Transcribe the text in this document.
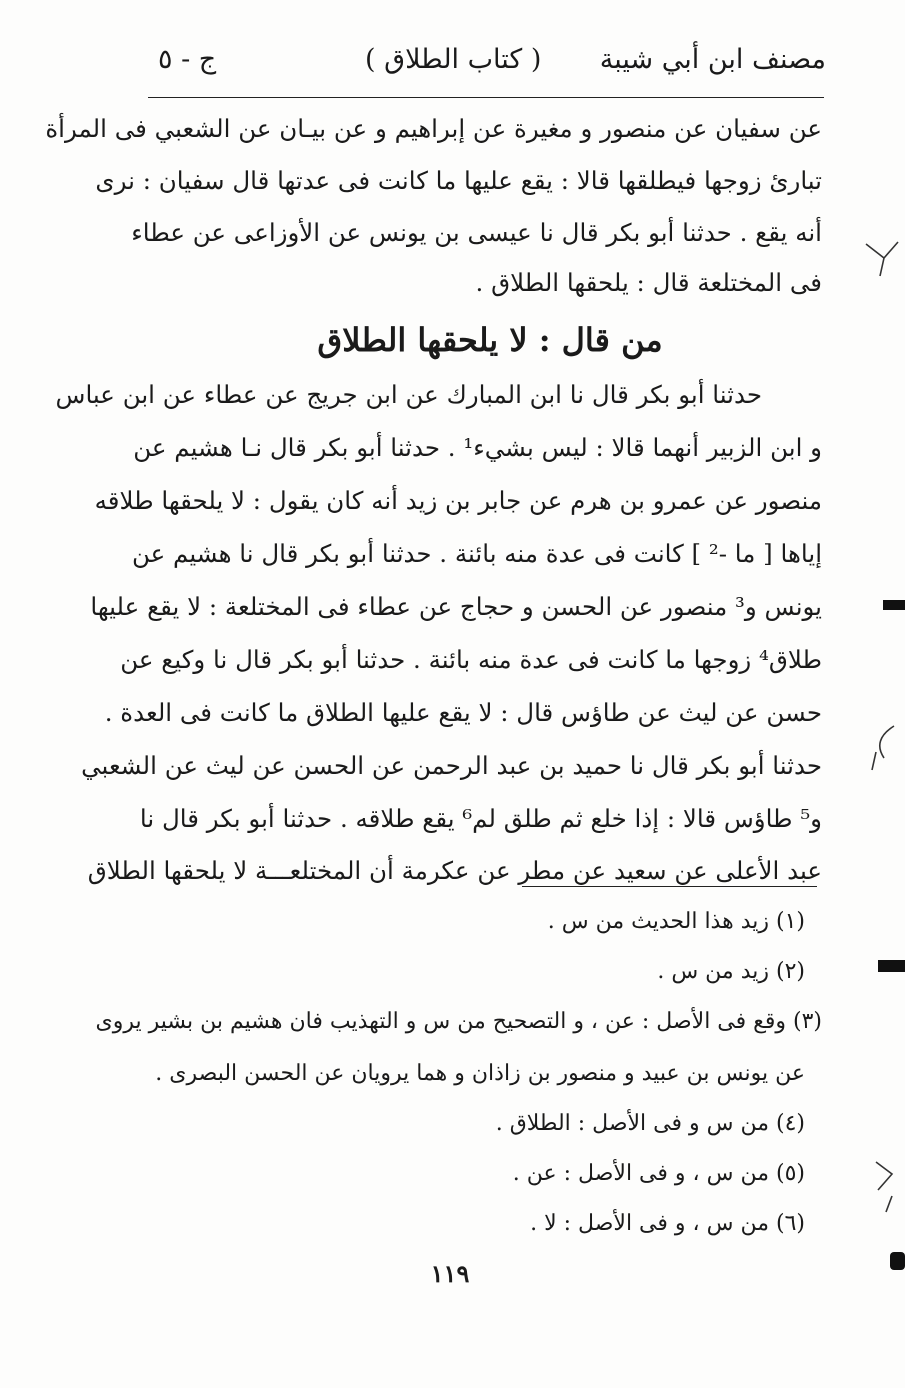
مصنف ابن أبي شيبة
( كتاب الطلاق )
ج - ٥
عن سفيان عن منصور و مغيرة عن إبراهيم و عن بيـان عن الشعبي فى المرأة
تبارئ زوجها فيطلقها قالا : يقع عليها ما كانت فى عدتها قال سفيان : نرى
أنه يقع . حدثنا أبو بكر قال نا عيسى بن يونس عن الأوزاعى عن عطاء
فى المختلعة قال : يلحقها الطلاق .
من قال : لا يلحقها الطلاق
حدثنا أبو بكر قال نا ابن المبارك عن ابن جريج عن عطاء عن ابن عباس
و ابن الزبير أنهما قالا : ليس بشيء¹ . حدثنا أبو بكر قال نـا هشيم عن
منصور عن عمرو بن هرم عن جابر بن زيد أنه كان يقول : لا يلحقها طلاقه
إياها [ ما -² ] كانت فى عدة منه بائنة . حدثنا أبو بكر قال نا هشيم عن
يونس و³ منصور عن الحسن و حجاج عن عطاء فى المختلعة : لا يقع عليها
طلاق⁴ زوجها ما كانت فى عدة منه بائنة . حدثنا أبو بكر قال نا وكيع عن
حسن عن ليث عن طاؤس قال : لا يقع عليها الطلاق ما كانت فى العدة .
حدثنا أبو بكر قال نا حميد بن عبد الرحمن عن الحسن عن ليث عن الشعبي
و⁵ طاؤس قالا : إذا خلع ثم طلق لم⁶ يقع طلاقه . حدثنا أبو بكر قال نا
عبد الأعلى عن سعيد عن مطر عن عكرمة أن المختلعـــة لا يلحقها الطلاق
(١) زيد هذا الحديث من س .
(٢) زيد من س .
(٣) وقع فى الأصل : عن ، و التصحيح من س و التهذيب فان هشيم بن بشير يروى
عن يونس بن عبيد و منصور بن زاذان و هما يرويان عن الحسن البصرى .
(٤) من س و فى الأصل : الطلاق .
(٥) من س ، و فى الأصل : عن .
(٦) من س ، و فى الأصل : لا .
١١٩
